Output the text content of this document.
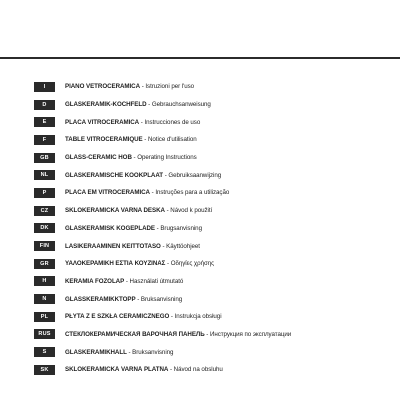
I	PIANO VETROCERAMICA - Istruzioni per l'uso
D	GLASKERAMIK-KOCHFELD - Gebrauchsanweisung
E	PLACA VITROCERAMICA - Instrucciones de uso
F	TABLE VITROCERAMIQUE - Notice d'utilisation
GB	GLASS-CERAMIC HOB - Operating Instructions
NL	GLASKERAMISCHE KOOKPLAAT - Gebruiksaanwijzing
P	PLACA EM VITROCERAMICA - Instruções para a utilização
CZ	SKLOKERAMICKA VARNA DESKA - Návod k použití
DK	GLASKERAMISK KOGEPLADE - Brugsanvisning
FIN	LASIKERAAMINEN KEITTOTASO - Käyttöohjeet
GR	ΥΑΛΟΚΕΡΑΜΙΚΗ ΕΣΤΙΑ ΚΟΥΖΙΝΑΣ - Οδηγίες χρήσης
H	KERAMIA FOZOLAP - Használati útmutató
N	GLASSKERAMIKKTOPP - Bruksanvisning
PL	PŁYTA Z E SZKŁA CERAMICZNEGO - Instrukcja obsługi
RUS	СТЕКЛОКЕРАМИЧЕСКАЯ ВАРОЧНАЯ ПАНЕЛЬ - Инструкция по эксплуатации
S	GLASKERAMIKHALL - Bruksanvisning
SK	SKLOKERAMICKÁ VARNÁ PLATŇA - Návod na obsluhu
